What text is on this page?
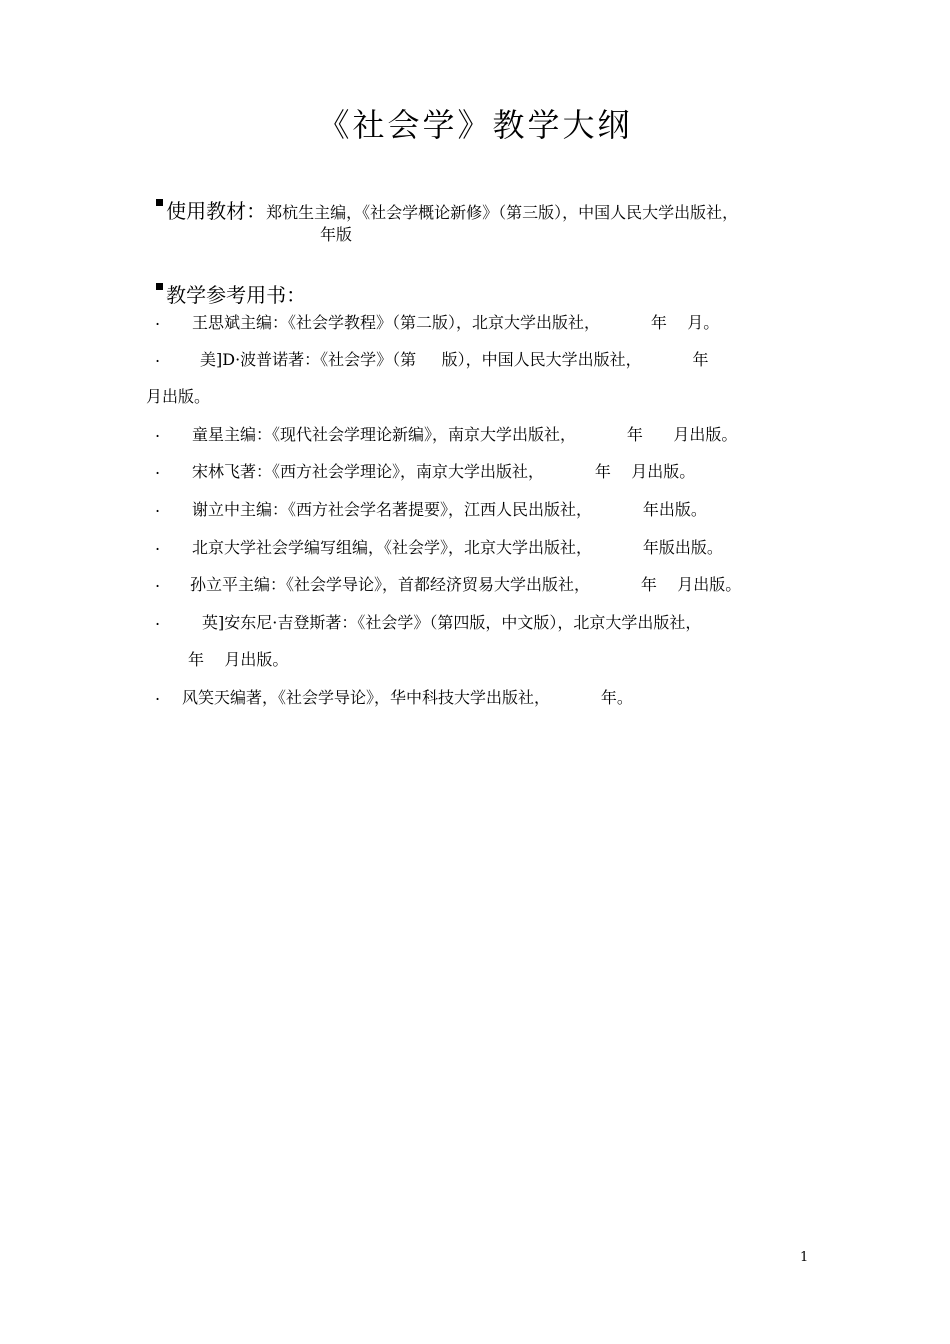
《社会学》教学大纲

使用教材：郑杭生主编，《社会学概论新修》（第三版），中国人民大学出版社，

年版

教学参考用书：

. 王思斌主编：《社会学教程》（第二版），北京大学出版社，          年    月。
. 美]D·波普诺著：《社会学》（第     版），中国人民大学出版社，          年
月出版。
. 童星主编：《现代社会学理论新编》，南京大学出版社，          年      月出版。
. 宋林飞著：《西方社会学理论》，南京大学出版社，          年    月出版。
. 谢立中主编：《西方社会学名著提要》，江西人民出版社，          年出版。
. 北京大学社会学编写组编，《社会学》，北京大学出版社，          年版出版。
. 孙立平主编：《社会学导论》，首都经济贸易大学出版社，          年    月出版。
.	英]安东尼·吉登斯著：《社会学》（第四版，中文版），北京大学出版社，
年    月出版。
. 风笑天编著，《社会学导论》，华中科技大学出版社，          年。
1
